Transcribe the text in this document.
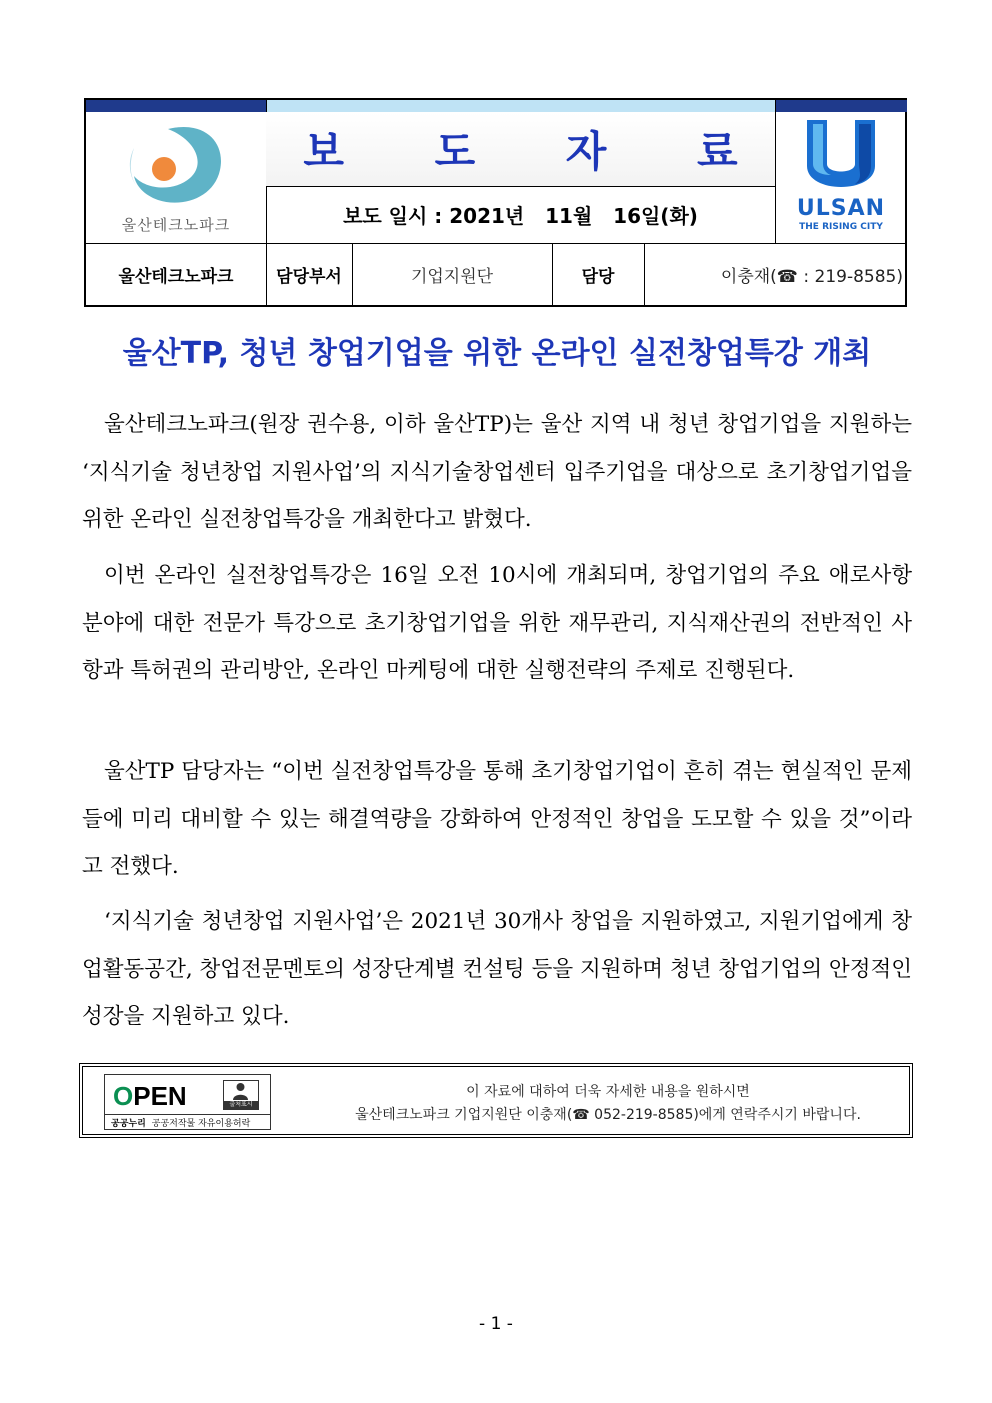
울산테크노파크
보 도 자 료
보도 일시 : 2021년   11월   16일(화)	ULSAN
THE RISING CITY
울산테크노파크	담당부서	기업지원단	담당	이충재(☎ : 219-8585)
울산TP, 청년 창업기업을 위한 온라인 실전창업특강 개최

울산테크노파크(원장 권수용, 이하 울산TP)는 울산 지역 내 청년 창업기업을 지원하는 ‘지식기술 청년창업 지원사업’의 지식기술창업센터 입주기업을 대상으로 초기창업기업을 위한 온라인 실전창업특강을 개최한다고 밝혔다.

이번 온라인 실전창업특강은 16일 오전 10시에 개최되며, 창업기업의 주요 애로사항 분야에 대한 전문가 특강으로 초기창업기업을 위한 재무관리, 지식재산권의 전반적인 사항과 특허권의 관리방안, 온라인 마케팅에 대한 실행전략의 주제로 진행된다.

울산TP 담당자는 “이번 실전창업특강을 통해 초기창업기업이 흔히 겪는 현실적인 문제들에 미리 대비할 수 있는 해결역량을 강화하여 안정적인 창업을 도모할 수 있을 것”이라고 전했다.

‘지식기술 청년창업 지원사업’은 2021년 30개사 창업을 지원하였고, 지원기업에게 창업활동공간, 창업전문멘토의 성장단계별 컨설팅 등을 지원하며 청년 창업기업의 안정적인 성장을 지원하고 있다.

OPEN	출처표시
공공누리 공공저작물 자유이용허락
이 자료에 대하여 더욱 자세한 내용을 원하시면
울산테크노파크 기업지원단 이충재(☎ 052-219-8585)에게 연락주시기 바랍니다.
- 1 -
